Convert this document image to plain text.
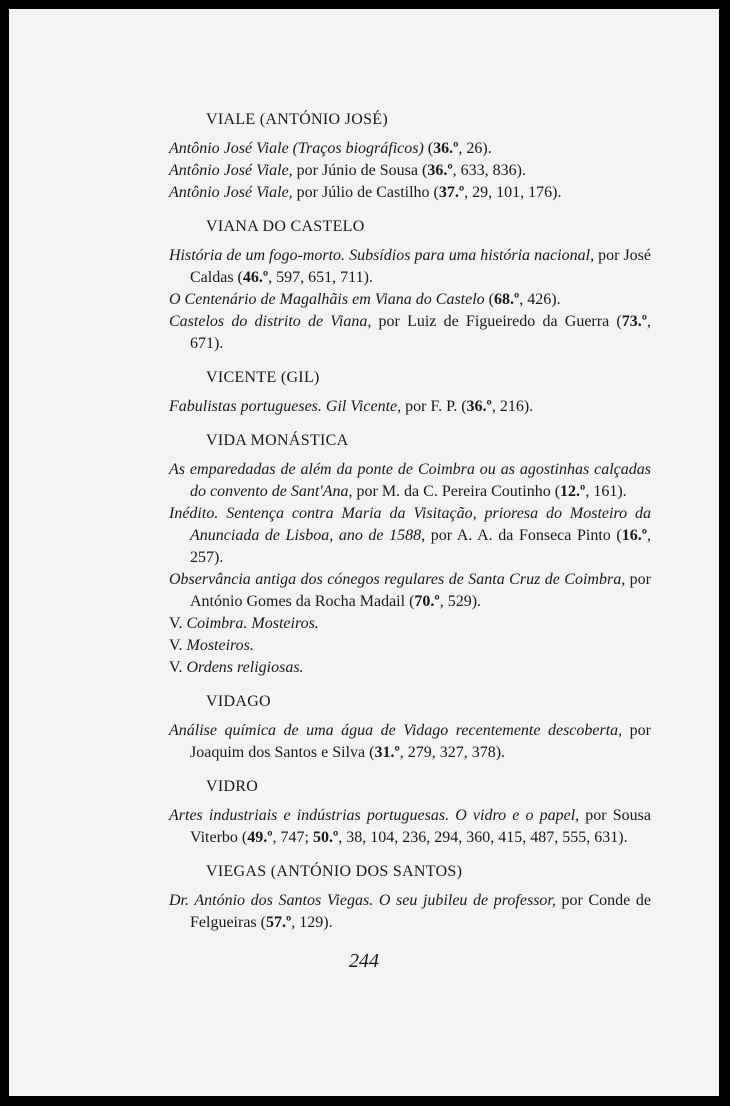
VIALE (ANTÓNIO JOSÉ)
Antônio José Viale (Traços biográficos) (36.º, 26).
Antônio José Viale, por Júnio de Sousa (36.º, 633, 836).
Antônio José Viale, por Júlio de Castilho (37.º, 29, 101, 176).
VIANA DO CASTELO
História de um fogo-morto. Subsídios para uma história nacional, por José Caldas (46.º, 597, 651, 711).
O Centenário de Magalhãis em Viana do Castelo (68.º, 426).
Castelos do distrito de Viana, por Luiz de Figueiredo da Guerra (73.º, 671).
VICENTE (GIL)
Fabulistas portugueses. Gil Vicente, por F. P. (36.º, 216).
VIDA MONÁSTICA
As emparedadas de além da ponte de Coimbra ou as agostinhas calçadas do convento de Sant'Ana, por M. da C. Pereira Coutinho (12.º, 161).
Inédito. Sentença contra Maria da Visitação, prioresa do Mosteiro da Anunciada de Lisboa, ano de 1588, por A. A. da Fonseca Pinto (16.º, 257).
Observância antiga dos cónegos regulares de Santa Cruz de Coimbra, por António Gomes da Rocha Madail (70.º, 529).
V. Coimbra. Mosteiros.
V. Mosteiros.
V. Ordens religiosas.
VIDAGO
Análise química de uma água de Vidago recentemente descoberta, por Joaquim dos Santos e Silva (31.º, 279, 327, 378).
VIDRO
Artes industriais e indústrias portuguesas. O vidro e o papel, por Sousa Viterbo (49.º, 747; 50.º, 38, 104, 236, 294, 360, 415, 487, 555, 631).
VIEGAS (ANTÓNIO DOS SANTOS)
Dr. António dos Santos Viegas. O seu jubileu de professor, por Conde de Felgueiras (57.º, 129).
244
